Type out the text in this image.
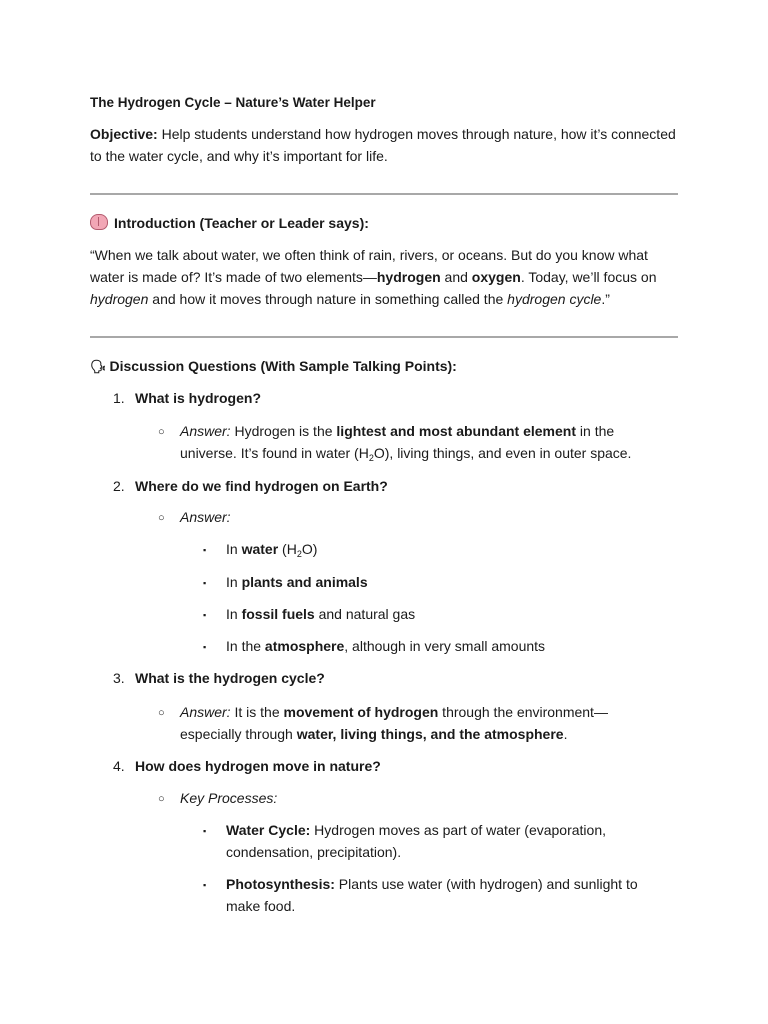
The Hydrogen Cycle – Nature’s Water Helper
Objective: Help students understand how hydrogen moves through nature, how it’s connected to the water cycle, and why it’s important for life.
Introduction (Teacher or Leader says):
“When we talk about water, we often think of rain, rivers, or oceans. But do you know what water is made of? It’s made of two elements—hydrogen and oxygen. Today, we’ll focus on hydrogen and how it moves through nature in something called the hydrogen cycle.”
🗣 Discussion Questions (With Sample Talking Points):
1. What is hydrogen?
○ Answer: Hydrogen is the lightest and most abundant element in the universe. It’s found in water $(H_2O)$, living things, and even in outer space.
2. Where do we find hydrogen on Earth?
○ Answer:
▪ In water $(H_2O)$
▪ In plants and animals
▪ In fossil fuels and natural gas
▪ In the atmosphere, although in very small amounts
3. What is the hydrogen cycle?
○ Answer: It is the movement of hydrogen through the environment—especially through water, living things, and the atmosphere.
4. How does hydrogen move in nature?
○ Key Processes:
▪ Water Cycle: Hydrogen moves as part of water (evaporation, condensation, precipitation).
▪ Photosynthesis: Plants use water (with hydrogen) and sunlight to make food.
